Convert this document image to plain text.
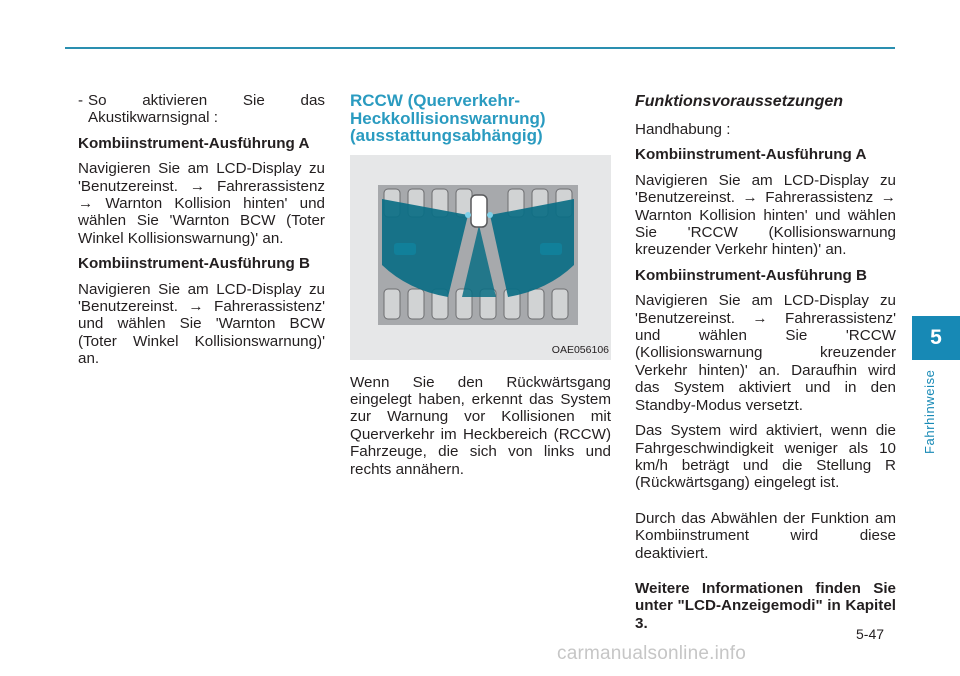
- So aktivieren Sie das Akustikwarnsignal :

Kombiinstrument-Ausführung A

Navigieren Sie am LCD-Display zu 'Benutzereinst. → Fahrerassistenz → Warnton Kollision hinten' und wählen Sie 'Warnton BCW (Toter Winkel Kollisionswarnung)' an.

Kombiinstrument-Ausführung B

Navigieren Sie am LCD-Display zu 'Benutzereinst. → Fahrerassistenz' und wählen Sie 'Warnton BCW (Toter Winkel Kollisionswarnung)' an.

RCCW (Querverkehr-Heckkollisionswarnung) (ausstattungsabhängig)
OAE056106

Wenn Sie den Rückwärtsgang eingelegt haben, erkennt das System zur Warnung vor Kollisionen mit Querverkehr im Heckbereich (RCCW) Fahrzeuge, die sich von links und rechts annähern.

Funktionsvoraussetzungen

Handhabung :

Kombiinstrument-Ausführung A

Navigieren Sie am LCD-Display zu 'Benutzereinst. → Fahrerassistenz → Warnton Kollision hinten' und wählen Sie 'RCCW (Kollisionswarnung kreuzender Verkehr hinten)' an.

Kombiinstrument-Ausführung B

Navigieren Sie am LCD-Display zu 'Benutzereinst. → Fahrerassistenz' und wählen Sie 'RCCW (Kollisionswarnung kreuzender Verkehr hinten)' an. Daraufhin wird das System aktiviert und in den Standby-Modus versetzt.

Das System wird aktiviert, wenn die Fahrgeschwindigkeit weniger als 10 km/h beträgt und die Stellung R (Rückwärtsgang) eingelegt ist.

Durch das Abwählen der Funktion am Kombiinstrument wird diese deaktiviert.

Weitere Informationen finden Sie unter "LCD-Anzeigemodi" in Kapitel 3.

5
Fahrhinweise
5-47
carmanualsonline.info
